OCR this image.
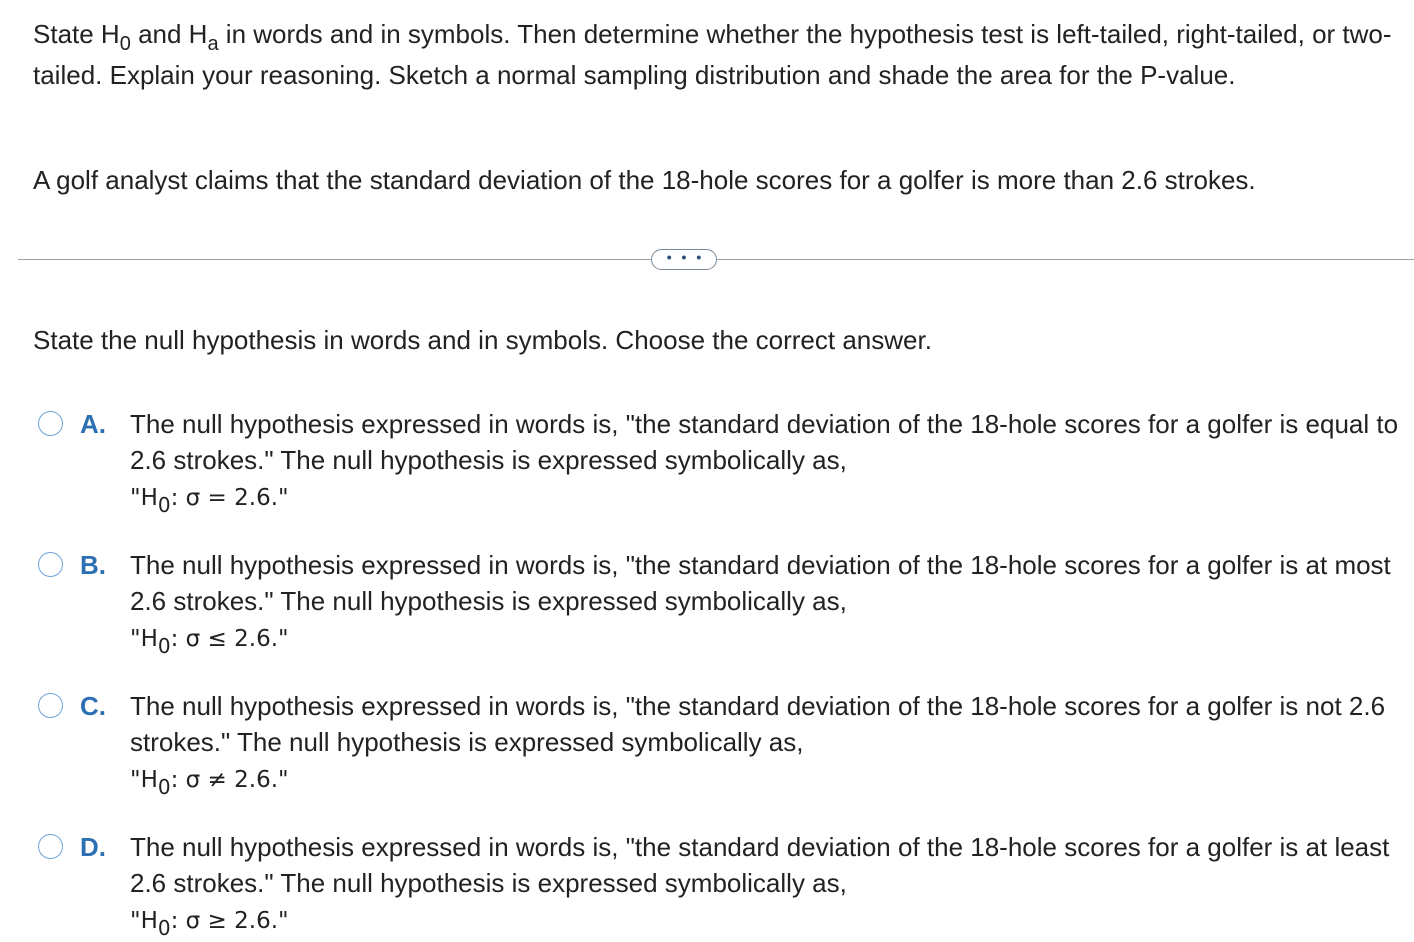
State $H_0$ and $H_a$ in words and in symbols. Then determine whether the hypothesis test is left-tailed, right-tailed, or two-tailed. Explain your reasoning. Sketch a normal sampling distribution and shade the area for the P-value.

A golf analyst claims that the standard deviation of the 18-hole scores for a golfer is more than 2.6 strokes.

• • •

State the null hypothesis in words and in symbols. Choose the correct answer.

A. The null hypothesis expressed in words is, "the standard deviation of the 18-hole scores for a golfer is equal to 2.6 strokes." The null hypothesis is expressed symbolically as,
"$H_0$: σ = 2.6."
B. The null hypothesis expressed in words is, "the standard deviation of the 18-hole scores for a golfer is at most 2.6 strokes." The null hypothesis is expressed symbolically as,
"$H_0$: σ ≤ 2.6."
C. The null hypothesis expressed in words is, "the standard deviation of the 18-hole scores for a golfer is not 2.6 strokes." The null hypothesis is expressed symbolically as,
"$H_0$: σ ≠ 2.6."
D. The null hypothesis expressed in words is, "the standard deviation of the 18-hole scores for a golfer is at least 2.6 strokes." The null hypothesis is expressed symbolically as,
"$H_0$: σ ≥ 2.6."
